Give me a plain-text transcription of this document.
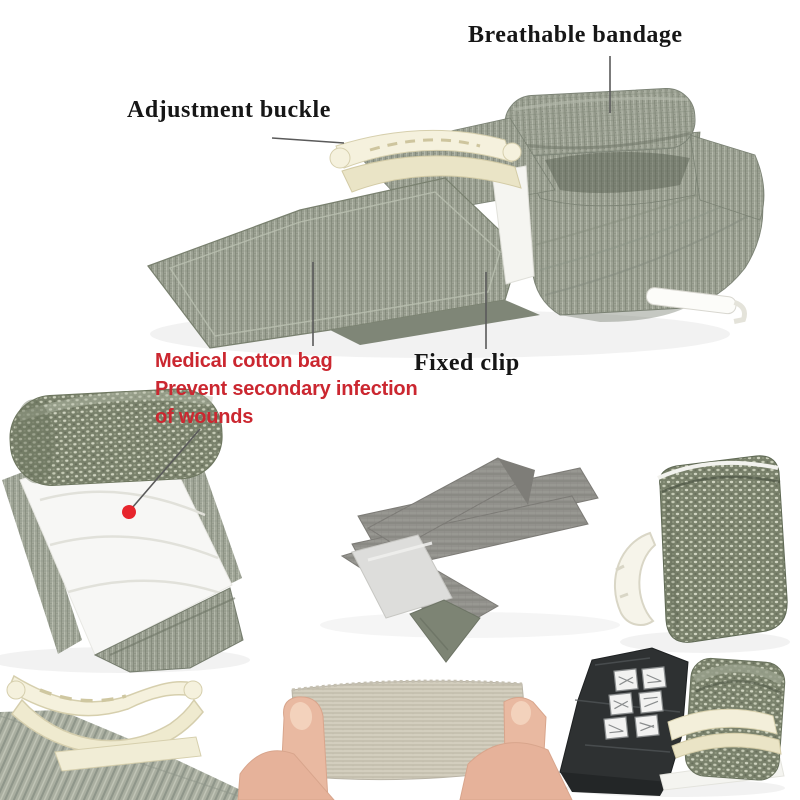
Breathable bandage
Adjustment buckle
Medical cotton bag
Prevent secondary infection
of wounds
Fixed clip
